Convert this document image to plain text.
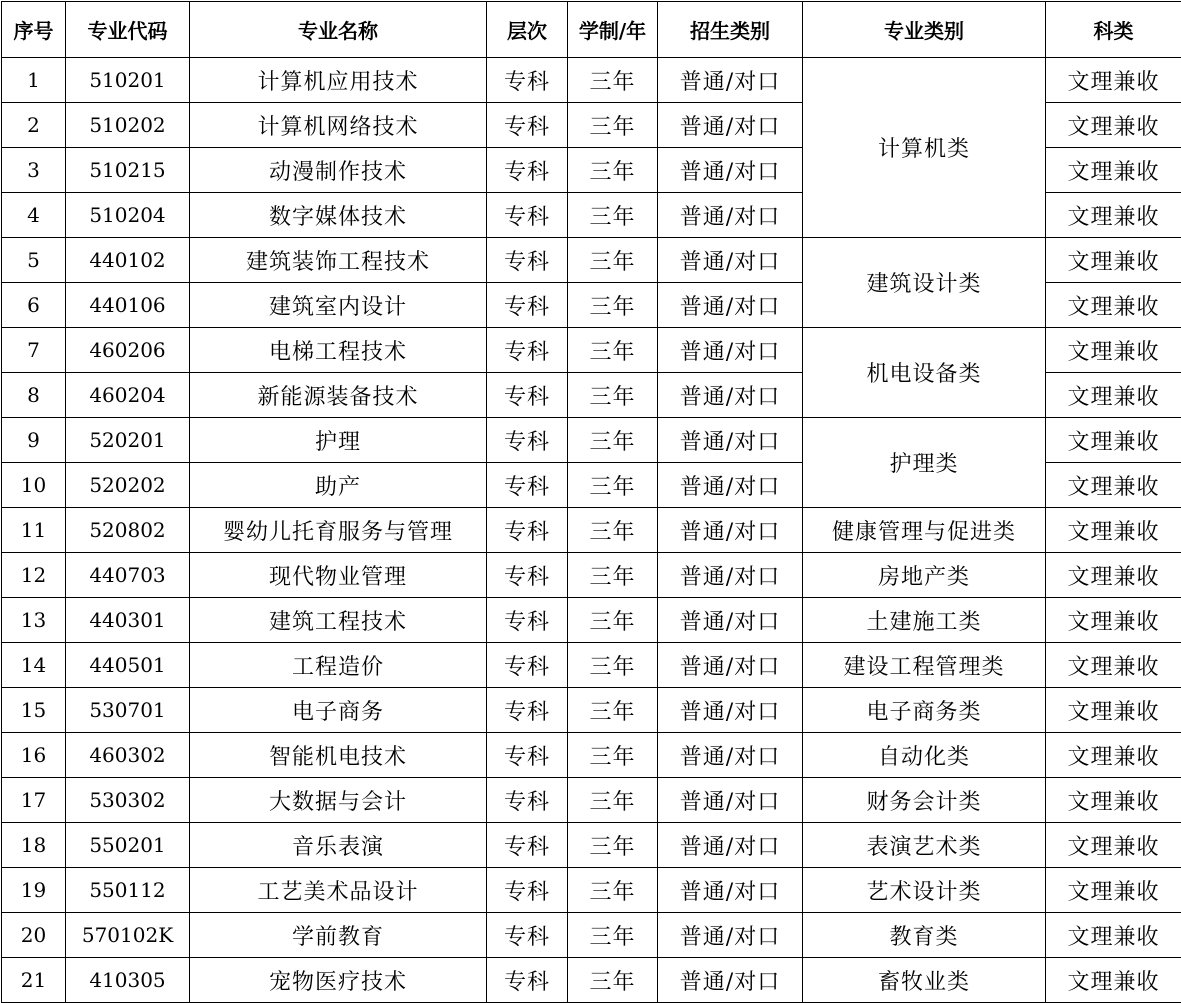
序号	专业代码	专业名称	层次	学制/年	招生类别	专业类别	科类
1	510201	计算机应用技术	专科	三年	普通/对口	计算机类	文理兼收
2	510202	计算机网络技术	专科	三年	普通/对口		文理兼收
3	510215	动漫制作技术	专科	三年	普通/对口		文理兼收
4	510204	数字媒体技术	专科	三年	普通/对口		文理兼收
5	440102	建筑装饰工程技术	专科	三年	普通/对口	建筑设计类	文理兼收
6	440106	建筑室内设计	专科	三年	普通/对口		文理兼收
7	460206	电梯工程技术	专科	三年	普通/对口	机电设备类	文理兼收
8	460204	新能源装备技术	专科	三年	普通/对口		文理兼收
9	520201	护理	专科	三年	普通/对口	护理类	文理兼收
10	520202	助产	专科	三年	普通/对口		文理兼收
11	520802	婴幼儿托育服务与管理	专科	三年	普通/对口	健康管理与促进类	文理兼收
12	440703	现代物业管理	专科	三年	普通/对口	房地产类	文理兼收
13	440301	建筑工程技术	专科	三年	普通/对口	土建施工类	文理兼收
14	440501	工程造价	专科	三年	普通/对口	建设工程管理类	文理兼收
15	530701	电子商务	专科	三年	普通/对口	电子商务类	文理兼收
16	460302	智能机电技术	专科	三年	普通/对口	自动化类	文理兼收
17	530302	大数据与会计	专科	三年	普通/对口	财务会计类	文理兼收
18	550201	音乐表演	专科	三年	普通/对口	表演艺术类	文理兼收
19	550112	工艺美术品设计	专科	三年	普通/对口	艺术设计类	文理兼收
20	570102K	学前教育	专科	三年	普通/对口	教育类	文理兼收
21	410305	宠物医疗技术	专科	三年	普通/对口	畜牧业类	文理兼收
